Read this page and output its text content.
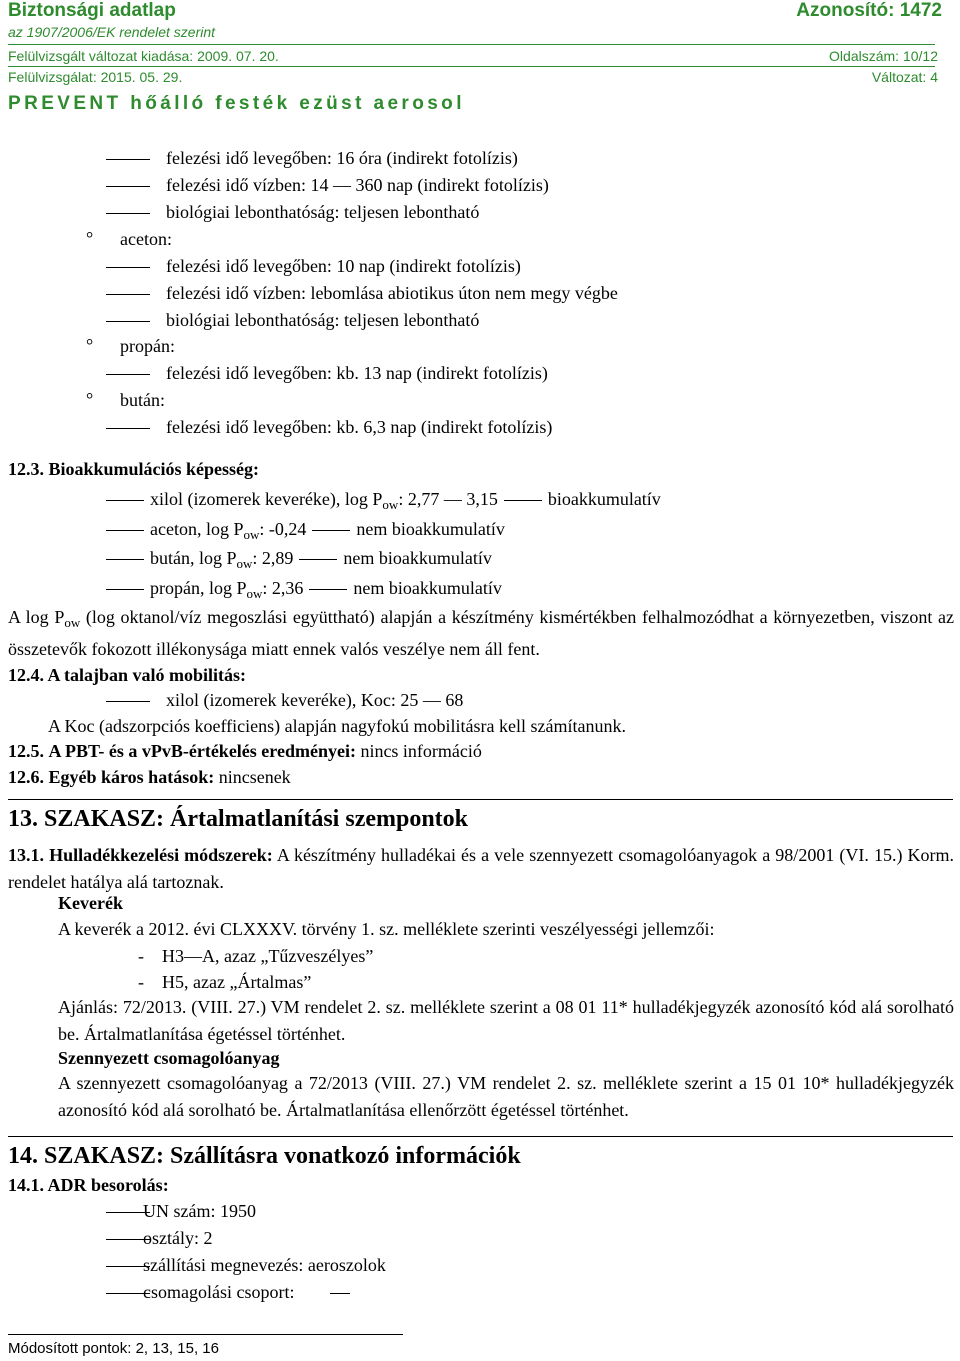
Biztonsági adatlap	Azonosító: 1472
az 1907/2006/EK rendelet szerint
Felülvizsgált változat kiadása: 2009. 07. 20.	Oldalszám: 10/12
Felülvizsgálat: 2015. 05. 29.	Változat: 4
PREVENT hőálló festék ezüst aerosol
felezési idő levegőben: 16 óra (indirekt fotolízis)
felezési idő vízben: 14 — 360 nap (indirekt fotolízis)
biológiai lebonthatóság: teljesen lebontható
° aceton:
felezési idő levegőben: 10 nap (indirekt fotolízis)
felezési idő vízben: lebomlása abiotikus úton nem megy végbe
biológiai lebonthatóság: teljesen lebontható
° propán:
felezési idő levegőben: kb. 13 nap (indirekt fotolízis)
° bután:
felezési idő levegőben: kb. 6,3 nap (indirekt fotolízis)
12.3. Bioakkumulációs képesség:
xilol (izomerek keveréke), $\log P_{ow}$: 2,77 — 3,15	bioakkumulatív
aceton, $\log P_{ow}$: -0,24	nem bioakkumulatív
bután, $\log P_{ow}$: 2,89	nem bioakkumulatív
propán, $\log P_{ow}$: 2,36	nem bioakkumulatív
A $\log P_{ow}$ (log oktanol/víz megoszlási együttható) alapján a készítmény kismértékben felhalmozódhat a környezetben, viszont az összetevők fokozott illékonysága miatt ennek valós veszélye nem áll fent.
12.4. A talajban való mobilitás:
xilol (izomerek keveréke), Koc: 25 — 68
A Koc (adszorpciós koefficiens) alapján nagyfokú mobilitásra kell számítanunk.
12.5. A PBT- és a vPvB-értékelés eredményei: nincs információ
12.6. Egyéb káros hatások: nincsenek
13. SZAKASZ: Ártalmatlanítási szempontok
13.1. Hulladékkezelési módszerek: A készítmény hulladékai és a vele szennyezett csomagolóanyagok a 98/2001 (VI. 15.) Korm. rendelet hatálya alá tartoznak.
Keverék
A keverék a 2012. évi CLXXXV. törvény 1. sz. melléklete szerinti veszélyességi jellemzői:
-    H3—A, azaz „Tűzveszélyes”
-    H5, azaz „Ártalmas”
Ajánlás: 72/2013. (VIII. 27.) VM rendelet 2. sz. melléklete szerint a 08 01 11* hulladékjegyzék azonosító kód alá sorolható be. Ártalmatlanítása égetéssel történhet.
Szennyezett csomagolóanyag
A szennyezett csomagolóanyag a 72/2013 (VIII. 27.) VM rendelet 2. sz. melléklete szerint a 15 01 10* hulladékjegyzék azonosító kód alá sorolható be. Ártalmatlanítása ellenőrzött égetéssel történhet.
14. SZAKASZ: Szállításra vonatkozó információk
14.1. ADR besorolás:
UN szám: 1950
osztály: 2
szállítási megnevezés: aeroszolok
csomagolási csoport:
Módosított pontok: 2, 13, 15, 16
